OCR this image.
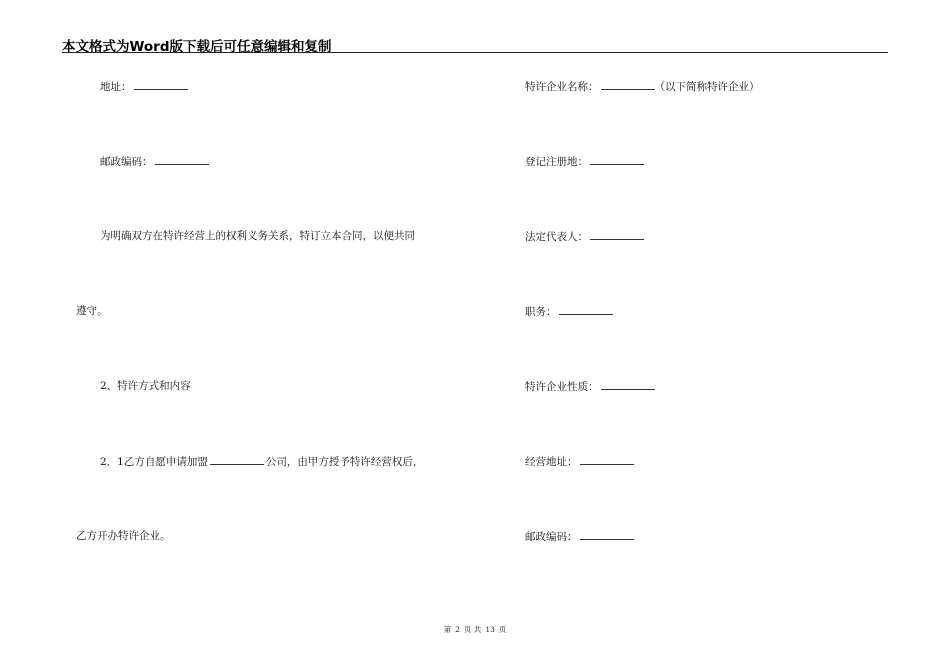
本文格式为Word版下载后可任意编辑和复制
地址：
邮政编码：
为明确双方在特许经营上的权利义务关系，特订立本合同，以便共同
遵守。
2、特许方式和内容
2．1乙方自愿申请加盟	公司，由甲方授予特许经营权后，
乙方开办特许企业。
特许企业名称：	（以下简称特许企业）
登记注册地：
法定代表人：
职务：
特许企业性质：
经营地址：
邮政编码：
第 2 页 共 13 页
